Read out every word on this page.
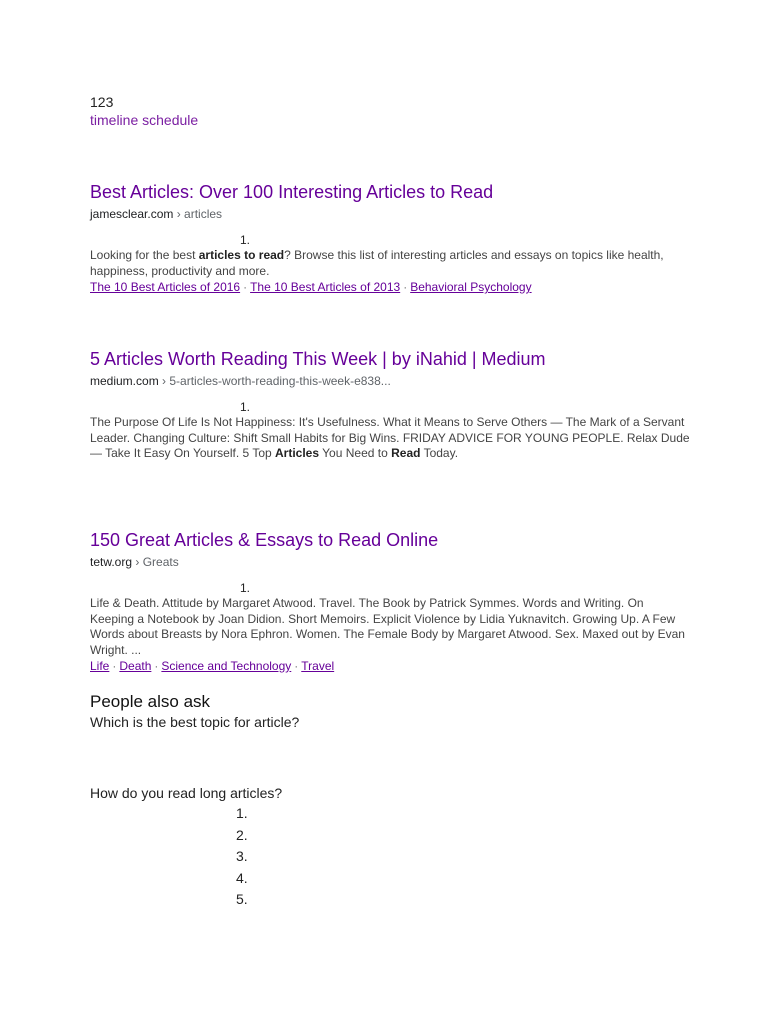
123
timeline schedule
Best Articles: Over 100 Interesting Articles to Read
jamesclear.com › articles
1.
Looking for the best articles to read? Browse this list of interesting articles and essays on topics like health, happiness, productivity and more.
The 10 Best Articles of 2016 · The 10 Best Articles of 2013 · Behavioral Psychology
5 Articles Worth Reading This Week | by iNahid | Medium
medium.com › 5-articles-worth-reading-this-week-e838...
1.
The Purpose Of Life Is Not Happiness: It's Usefulness. What it Means to Serve Others — The Mark of a Servant Leader. Changing Culture: Shift Small Habits for Big Wins. FRIDAY ADVICE FOR YOUNG PEOPLE. Relax Dude — Take It Easy On Yourself. 5 Top Articles You Need to Read Today.
150 Great Articles & Essays to Read Online
tetw.org › Greats
1.
Life & Death. Attitude by Margaret Atwood. Travel. The Book by Patrick Symmes. Words and Writing. On Keeping a Notebook by Joan Didion. Short Memoirs. Explicit Violence by Lidia Yuknavitch. Growing Up. A Few Words about Breasts by Nora Ephron. Women. The Female Body by Margaret Atwood. Sex. Maxed out by Evan Wright. ...
Life · Death · Science and Technology · Travel
People also ask
Which is the best topic for article?
How do you read long articles?
1.
2.
3.
4.
5.
